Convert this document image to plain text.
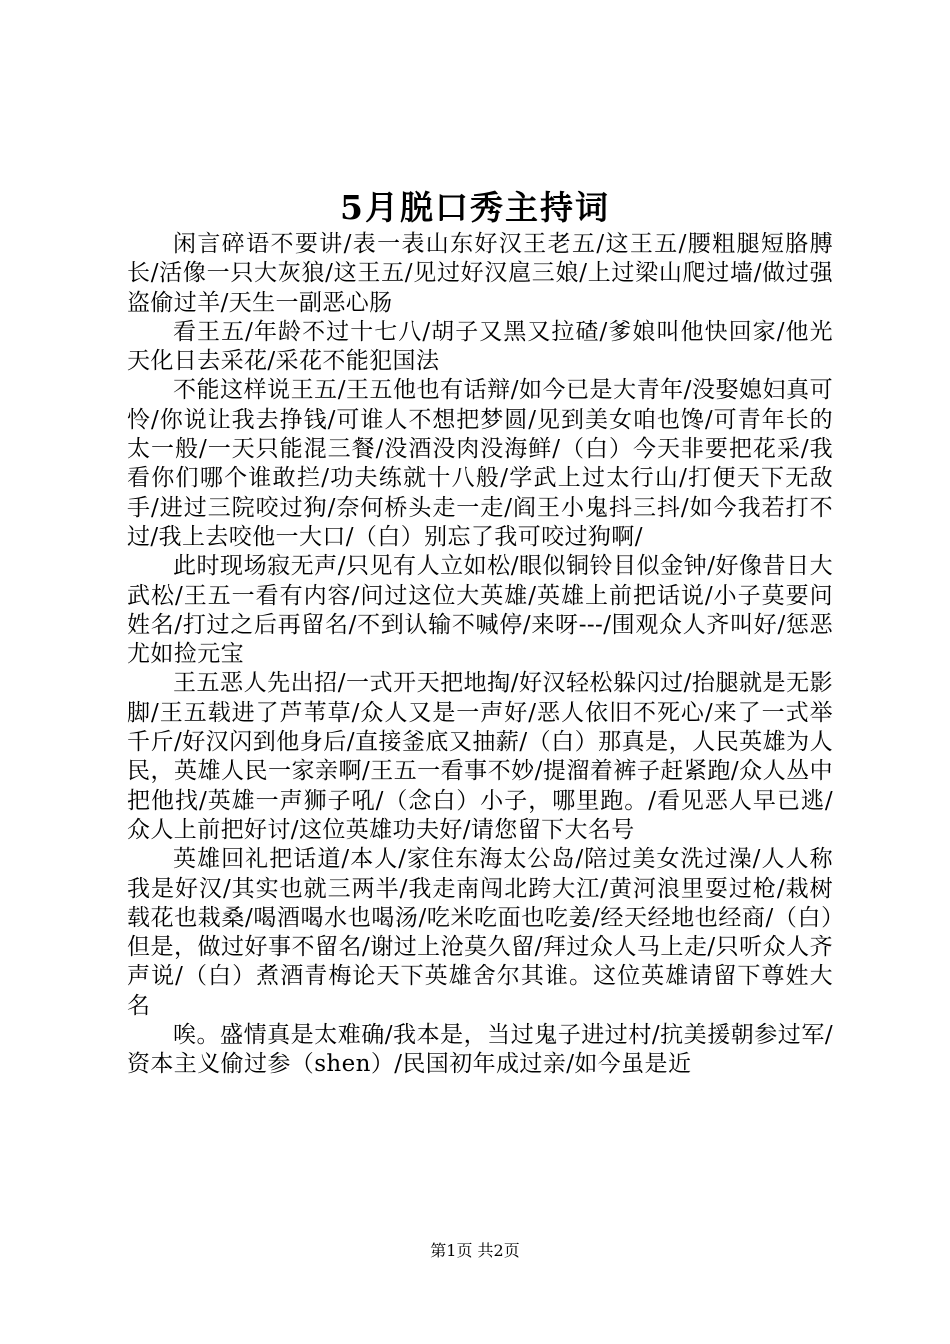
5月脱口秀主持词

闲言碎语不要讲/表一表山东好汉王老五/这王五/腰粗腿短胳膊长/活像一只大灰狼/这王五/见过好汉扈三娘/上过梁山爬过墙/做过强盗偷过羊/天生一副恶心肠

看王五/年龄不过十七八/胡子又黑又拉碴/爹娘叫他快回家/他光天化日去采花/采花不能犯国法

不能这样说王五/王五他也有话辩/如今已是大青年/没娶媳妇真可怜/你说让我去挣钱/可谁人不想把梦圆/见到美女咱也馋/可青年长的太一般/一天只能混三餐/没酒没肉没海鲜/（白）今天非要把花采/我看你们哪个谁敢拦/功夫练就十八般/学武上过太行山/打便天下无敌手/进过三院咬过狗/奈何桥头走一走/阎王小鬼抖三抖/如今我若打不过/我上去咬他一大口/（白）别忘了我可咬过狗啊/

此时现场寂无声/只见有人立如松/眼似铜铃目似金钟/好像昔日大武松/王五一看有内容/问过这位大英雄/英雄上前把话说/小子莫要问姓名/打过之后再留名/不到认输不喊停/来呀---/围观众人齐叫好/惩恶尤如捡元宝

王五恶人先出招/一式开天把地掏/好汉轻松躲闪过/抬腿就是无影脚/王五载进了芦苇草/众人又是一声好/恶人依旧不死心/来了一式举千斤/好汉闪到他身后/直接釜底又抽薪/（白）那真是，人民英雄为人民，英雄人民一家亲啊/王五一看事不妙/提溜着裤子赶紧跑/众人丛中把他找/英雄一声狮子吼/（念白）小子，哪里跑。/看见恶人早已逃/众人上前把好讨/这位英雄功夫好/请您留下大名号

英雄回礼把话道/本人/家住东海太公岛/陪过美女洗过澡/人人称我是好汉/其实也就三两半/我走南闯北跨大江/黄河浪里耍过枪/栽树载花也栽桑/喝酒喝水也喝汤/吃米吃面也吃姜/经天经地也经商/（白）但是，做过好事不留名/谢过上沧莫久留/拜过众人马上走/只听众人齐声说/（白）煮酒青梅论天下英雄舍尔其谁。这位英雄请留下尊姓大名

唉。盛情真是太难确/我本是，当过鬼子进过村/抗美援朝参过军/资本主义偷过参（shen）/民国初年成过亲/如今虽是近

第1页 共2页
